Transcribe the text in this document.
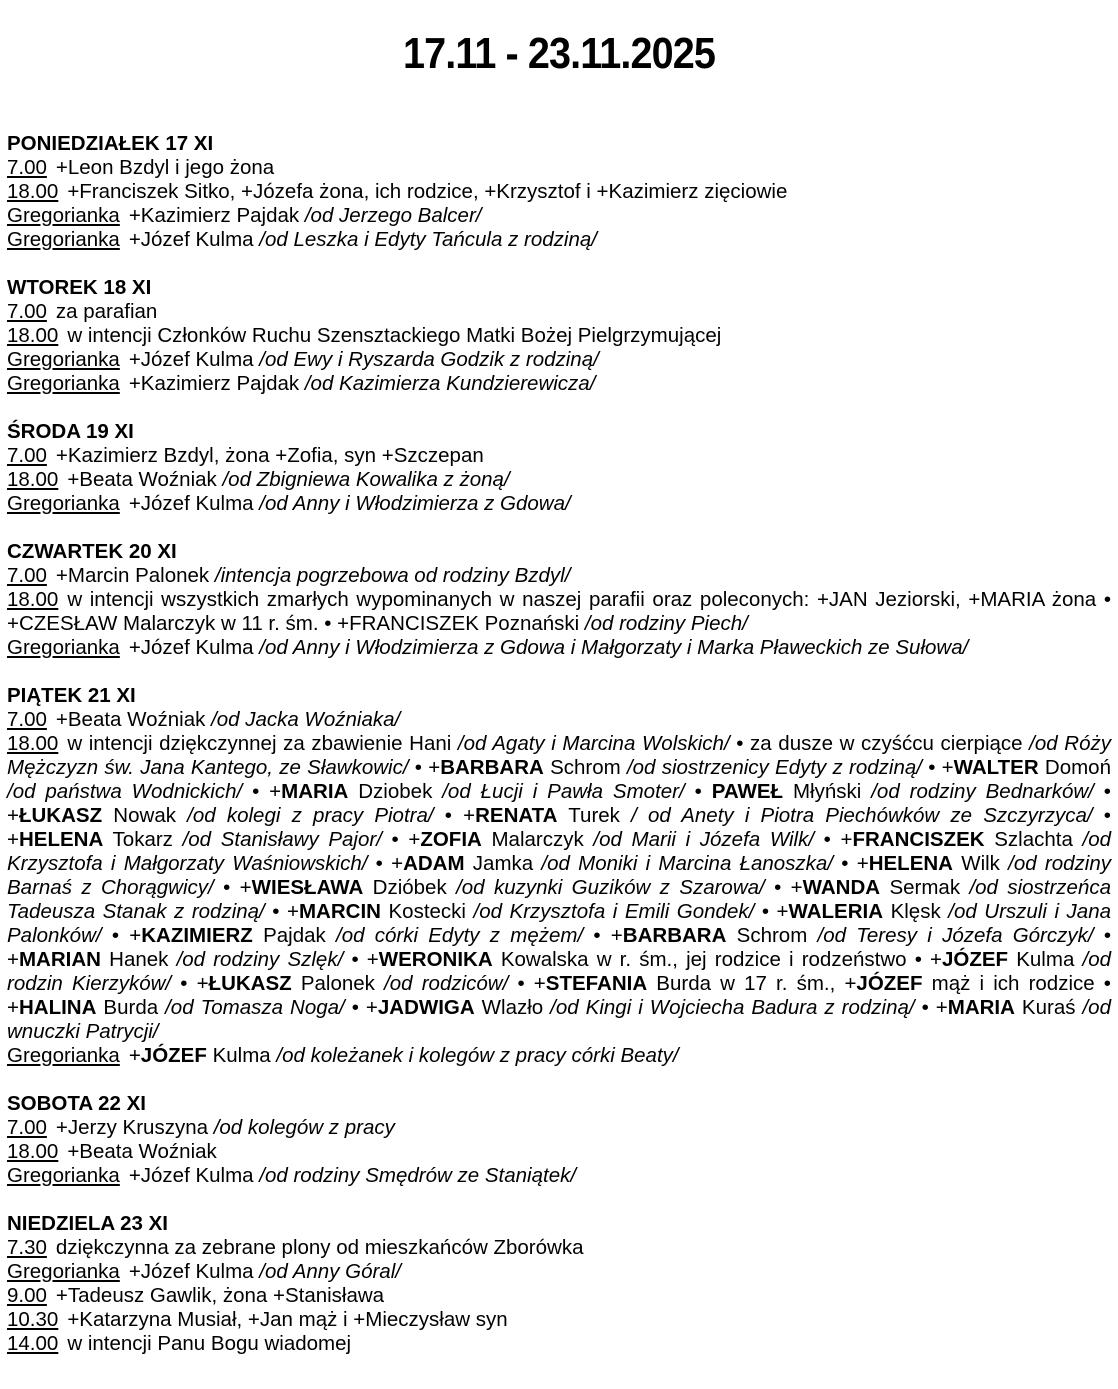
17.11 - 23.11.2025
PONIEDZIAŁEK 17 XI
7.00 +Leon Bzdyl i jego żona
18.00 +Franciszek Sitko, +Józefa żona, ich rodzice, +Krzysztof i +Kazimierz zięciowie
Gregorianka +Kazimierz Pajdak /od Jerzego Balcer/
Gregorianka +Józef Kulma /od Leszka i Edyty Tańcula z rodziną/
WTOREK 18 XI
7.00 za parafian
18.00 w intencji Członków Ruchu Szensztackiego Matki Bożej Pielgrzymującej
Gregorianka +Józef Kulma /od Ewy i Ryszarda Godzik z rodziną/
Gregorianka +Kazimierz Pajdak /od Kazimierza Kundzierewicza/
ŚRODA 19 XI
7.00 +Kazimierz Bzdyl, żona +Zofia, syn +Szczepan
18.00 +Beata Woźniak /od Zbigniewa Kowalika z żoną/
Gregorianka +Józef Kulma /od Anny i Włodzimierza z Gdowa/
CZWARTEK 20 XI
7.00 +Marcin Palonek /intencja pogrzebowa od rodziny Bzdyl/
18.00 w intencji wszystkich zmarłych wypominanych w naszej parafii oraz poleconych: +JAN Jeziorski, +MARIA żona • +CZESŁAW Malarczyk w 11 r. śm. • +FRANCISZEK Poznański /od rodziny Piech/
Gregorianka +Józef Kulma /od Anny i Włodzimierza z Gdowa i Małgorzaty i Marka Pławeckich ze Sułowa/
PIĄTEK 21 XI
7.00 +Beata Woźniak /od Jacka Woźniaka/
18.00 w intencji dziękczynnej za zbawienie Hani /od Agaty i Marcina Wolskich/ • za dusze w czyśćcu cierpiące /od Róży Mężczyzn św. Jana Kantego, ze Sławkowic/ • +BARBARA Schrom /od siostrzenicy Edyty z rodziną/ • +WALTER Domoń /od państwa Wodnickich/ • +MARIA Dziobek /od Łucji i Pawła Smoter/ • PAWEŁ Młyński /od rodziny Bednarków/ • +ŁUKASZ Nowak /od kolegi z pracy Piotra/ • +RENATA Turek / od Anety i Piotra Piechówków ze Szczyrzyca/ • +HELENA Tokarz /od Stanisławy Pajor/ • +ZOFIA Malarczyk /od Marii i Józefa Wilk/ • +FRANCISZEK Szlachta /od Krzysztofa i Małgorzaty Waśniowskich/ • +ADAM Jamka /od Moniki i Marcina Łanoszka/ • +HELENA Wilk /od rodziny Barnaś z Chorągwicy/ • +WIESŁAWA Dzióbek /od kuzynki Guzików z Szarowa/ • +WANDA Sermak /od siostrzeńca Tadeusza Stanak z rodziną/ • +MARCIN Kostecki /od Krzysztofa i Emili Gondek/ • +WALERIA Klęsk /od Urszuli i Jana Palonków/ • +KAZIMIERZ Pajdak /od córki Edyty z mężem/ • +BARBARA Schrom /od Teresy i Józefa Górczyk/ • +MARIAN Hanek /od rodziny Szlęk/ • +WERONIKA Kowalska w r. śm., jej rodzice i rodzeństwo • +JÓZEF Kulma /od rodzin Kierzyków/ • +ŁUKASZ Palonek /od rodziców/ • +STEFANIA Burda w 17 r. śm., +JÓZEF mąż i ich rodzice • +HALINA Burda /od Tomasza Noga/ • +JADWIGA Wlazło /od Kingi i Wojciecha Badura z rodziną/ • +MARIA Kuraś /od wnuczki Patrycji/
Gregorianka +JÓZEF Kulma /od koleżanek i kolegów z pracy córki Beaty/
SOBOTA 22 XI
7.00 +Jerzy Kruszyna /od kolegów z pracy
18.00 +Beata Woźniak
Gregorianka +Józef Kulma /od rodziny Smędrów ze Staniątek/
NIEDZIELA 23 XI
7.30 dziękczynna za zebrane plony od mieszkańców Zborówka
Gregorianka +Józef Kulma /od Anny Góral/
9.00 +Tadeusz Gawlik, żona +Stanisława
10.30 +Katarzyna Musiał, +Jan mąż i +Mieczysław syn
14.00 w intencji Panu Bogu wiadomej
